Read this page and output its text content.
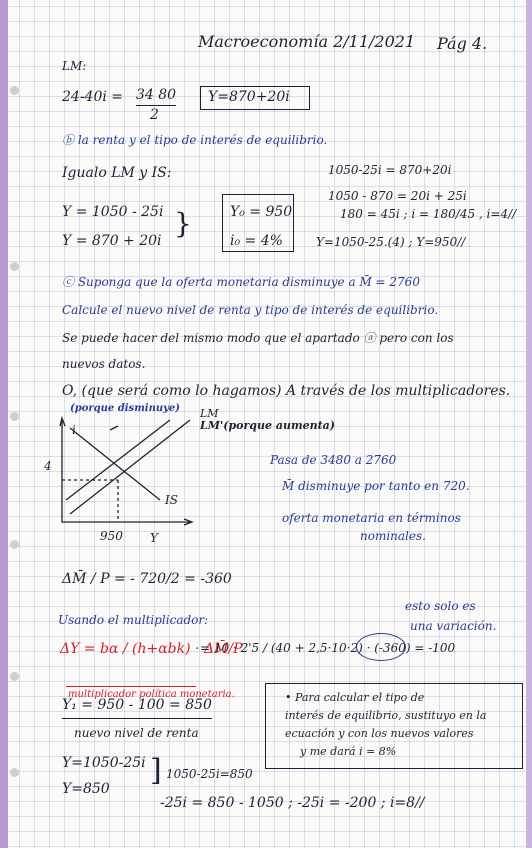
Macroeconomía 2/11/2021 Pág 4.
LM:
24-40i = 34 80
2
Y=870+20i
ⓑ la renta y el tipo de interés de equilibrio.
Igualo LM y IS:
Y = 1050 - 25i
Y = 870 + 20i
}	Y₀ = 950
i₀ = 4%
1050-25i = 870+20i
1050 - 870 = 20i + 25i
180 = 45i ; i = 180/45 , i=4//
Y=1050-25.(4) ; Y=950//
ⓒ Suponga que la oferta monetaria disminuye a M̄ = 2760
Calcule el nuevo nivel de renta y tipo de interés de equilibrio.
Se puede hacer del mismo modo que el apartado ⓐ pero con los
nuevos datos.
O, (que será como lo hagamos) A través de los multiplicadores.
(porque disminuye) LM
LM'(porque aumenta)
i
4
950 Y
IS
Pasa de 3480 a 2760
M̄ disminuye por tanto en 720.
oferta monetaria en términos
nominales.
ΔM̄ / P = - 720/2 = -360
Usando el multiplicador:
esto solo es
una variación.
ΔY = bα / (h+αbk) · ΔM̄/P
= 10 · 2'5 / (40 + 2,5·10·2) · (-360) = -100
multiplicador política monetaria.
Y₁ = 950 - 100 = 850
nuevo nivel de renta
• Para calcular el tipo de
interés de equilibrio, sustituyo en la
ecuación y con los nuevos valores
y me dará i = 8%
Y=1050-25i
Y=850
] 1050-25i=850
-25i = 850 - 1050 ; -25i = -200 ; i=8//
